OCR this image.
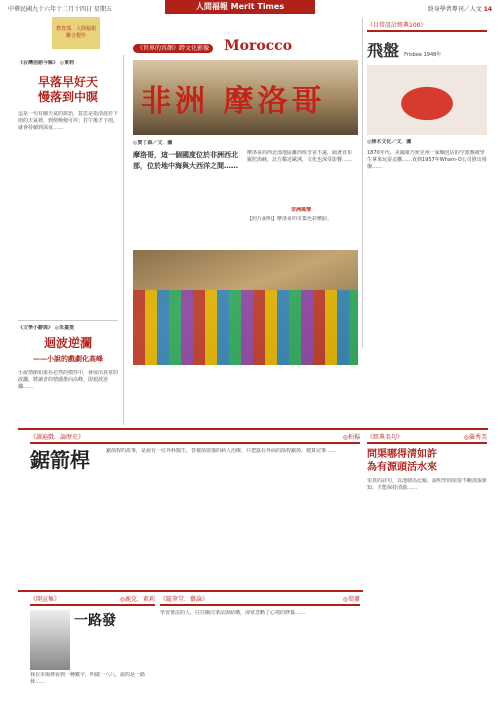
中華民國九十六年十二月十四日 星期五	終身學習專刊／人文 14
人間福報 Merit Times
教育部．人間福報
聯合製作
《台灣俗語今解》 ◎東莉
早落早好天
慢落到中暝
這是一句有關天氣的諺語，意思是指清晨若下雨的天氣裡，到傍晚便可停；若午後才下雨，就會持續到深夜……
《文學小辭典》 ◎朱嘉雯
迴波逆瀾
——小說的戲劇化高峰
小說情節如果在必然的慣性中，會展出異常的波瀾，將讀者的情感推向高峰，即迴波逆瀾……
《世界的容顏》跨文化影像 Morocco
非洲 摩洛哥
◎賈丁森／文．圖
摩洛哥，這一個國度位於非洲西北部，位於地中海與大西洋之間……
摩洛哥的西北部地區離西班牙並不遠，隔著直布羅陀海峽，北方鄰近歐洲，文化也深受影響……
非洲風情
【照片說明】摩洛哥的市集色彩繽紛。
《目常設計經典100》
飛盤 Frisbee 1948年
◎蔣木文化／文．圖
1870年代，美國康乃狄克州一家麵包店的空派盤被學生拿來玩耍丟擲……直到1957年Wham-O公司推出飛盤……
《讀遍戲．論歷史》	◎柏楊
鋸箭桿	鋸箭桿的故事，是說有一位外科醫生，替被箭射傷的病人治療，只把露在外面的箭桿鋸掉，便算完事……
《經典名句》	◎羅秀美
問渠哪得清如許
為有源頭活水來
朱熹的詩句，以池塘為比喻，說明學問需要不斷汲取新知，才能保持清澈……
《開宣集》	◎鹿克．素莉
一路發
我在市場裡看到一種數字，叫做一六八，說的是一路發……
《隨筆堂．藝論》	◎葉蕭
學習書法的人，往往關注筆法與結構，卻常忽略了心境的修養……
